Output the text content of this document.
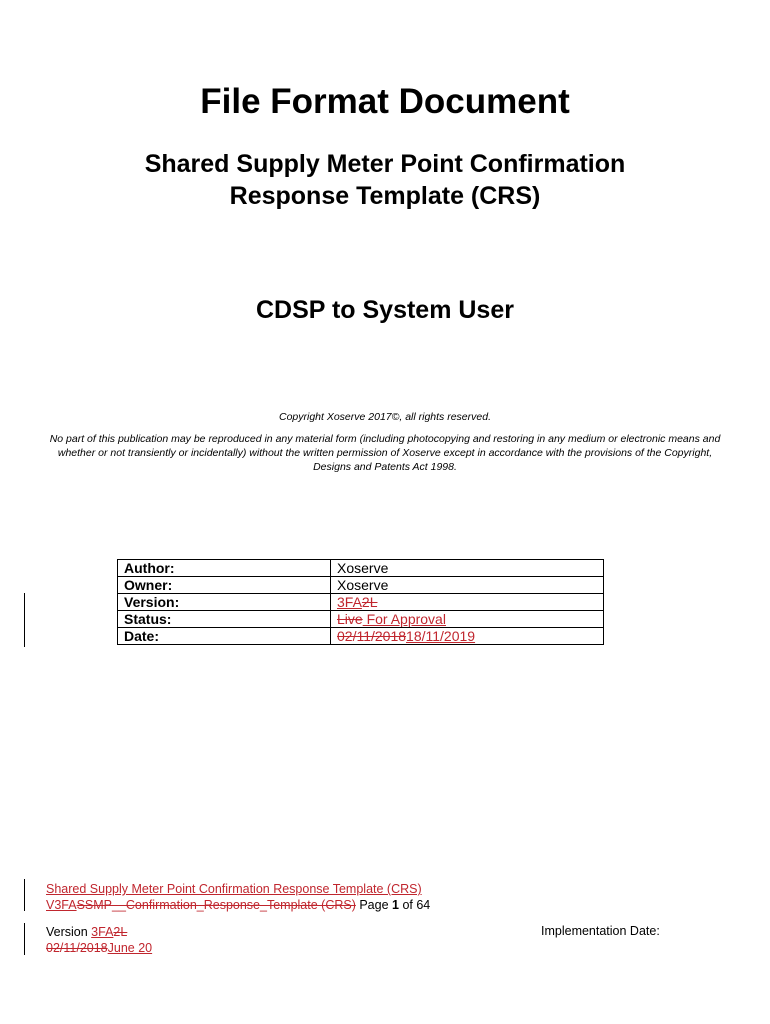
File Format Document
Shared Supply Meter Point Confirmation
Response Template (CRS)
CDSP to System User
Copyright Xoserve 2017©, all rights reserved.
No part of this publication may be reproduced in any material form (including photocopying and restoring in any medium or electronic means and whether or not transiently or incidentally) without the written permission of Xoserve except in accordance with the provisions of the Copyright, Designs and Patents Act 1998.
Author:	Xoserve
Owner:	Xoserve
Version:	3FA2L
Status:	Live For Approval
Date:	02/11/201818/11/2019
Shared Supply Meter Point Confirmation Response Template (CRS)
V3FASSMP__Confirmation_Response_Template (CRS) Page 1 of 64
Version 3FA2L
02/11/2018June 20
Implementation Date:
